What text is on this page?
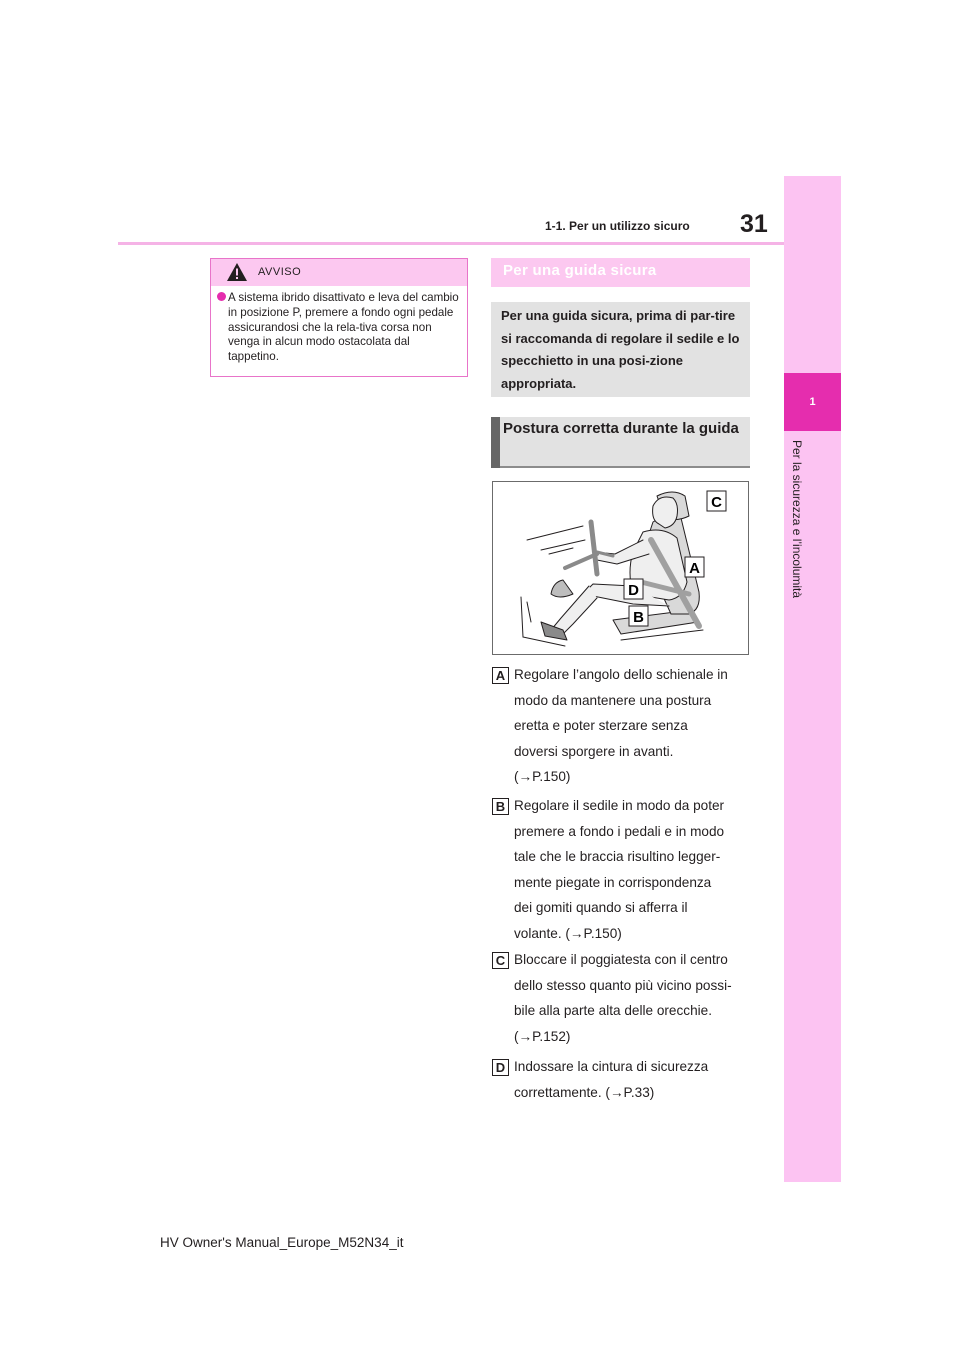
1-1. Per un utilizzo sicuro 31
1
Per la sicurezza e l’incolumità
AVVISO
A sistema ibrido disattivato e leva del cambio in posizione P, premere a fondo ogni pedale assicurandosi che la rela-tiva corsa non venga in alcun modo ostacolata dal tappetino.
Per una guida sicura
Per una guida sicura, prima di par-tire si raccomanda di regolare il sedile e lo specchietto in una posi-zione appropriata.
Postura corretta durante la guida
C
A
D
B
A Regolare l’angolo dello schienale in
modo da mantenere una postura
eretta e poter sterzare senza
doversi sporgere in avanti.
(→P.150)
B Regolare il sedile in modo da poter
premere a fondo i pedali e in modo
tale che le braccia risultino legger-
mente piegate in corrispondenza
dei gomiti quando si afferra il
volante. (→P.150)
C Bloccare il poggiatesta con il centro
dello stesso quanto più vicino possi-
bile alla parte alta delle orecchie.
(→P.152)
D Indossare la cintura di sicurezza
correttamente. (→P.33)
HV Owner's Manual_Europe_M52N34_it
